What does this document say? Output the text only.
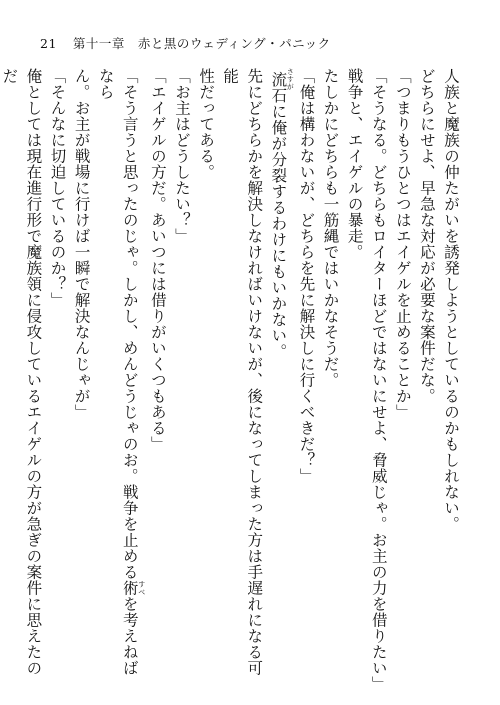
21 第十一章　赤と黒のウェディング・パニック

人族と魔族の仲たがいを誘発しようとしているのかもしれない。

どちらにせよ、早急な対応が必要な案件だな。

「つまりもうひとつはエイゲルを止めることか」

「そうなる。どちらもロイターほどではないにせよ、脅威じゃ。お主の力を借りたい」

戦争と、エイゲルの暴走。

たしかにどちらも一筋縄ではいかなそうだ。

「俺は構わないが、どちらを先に解決しに行くべきだ？」

流 さすが石に俺が分裂するわけにもいかない。

先にどちらかを解決しなければいけないが、後になってしまった方は手遅れになる可能

性だってある。

「お主はどうしたい？」

「エイゲルの方だ。あいつには借りがいくつもある」

「そう言うと思ったのじゃ。しかし、めんどうじゃのお。戦争を止める術 すべを考えねばなら

ん。お主が戦場に行けば一瞬で解決なんじゃが」

「そんなに切迫しているのか？」

俺としては現在進行形で魔族領に侵攻しているエイゲルの方が急ぎの案件に思えたのだ
